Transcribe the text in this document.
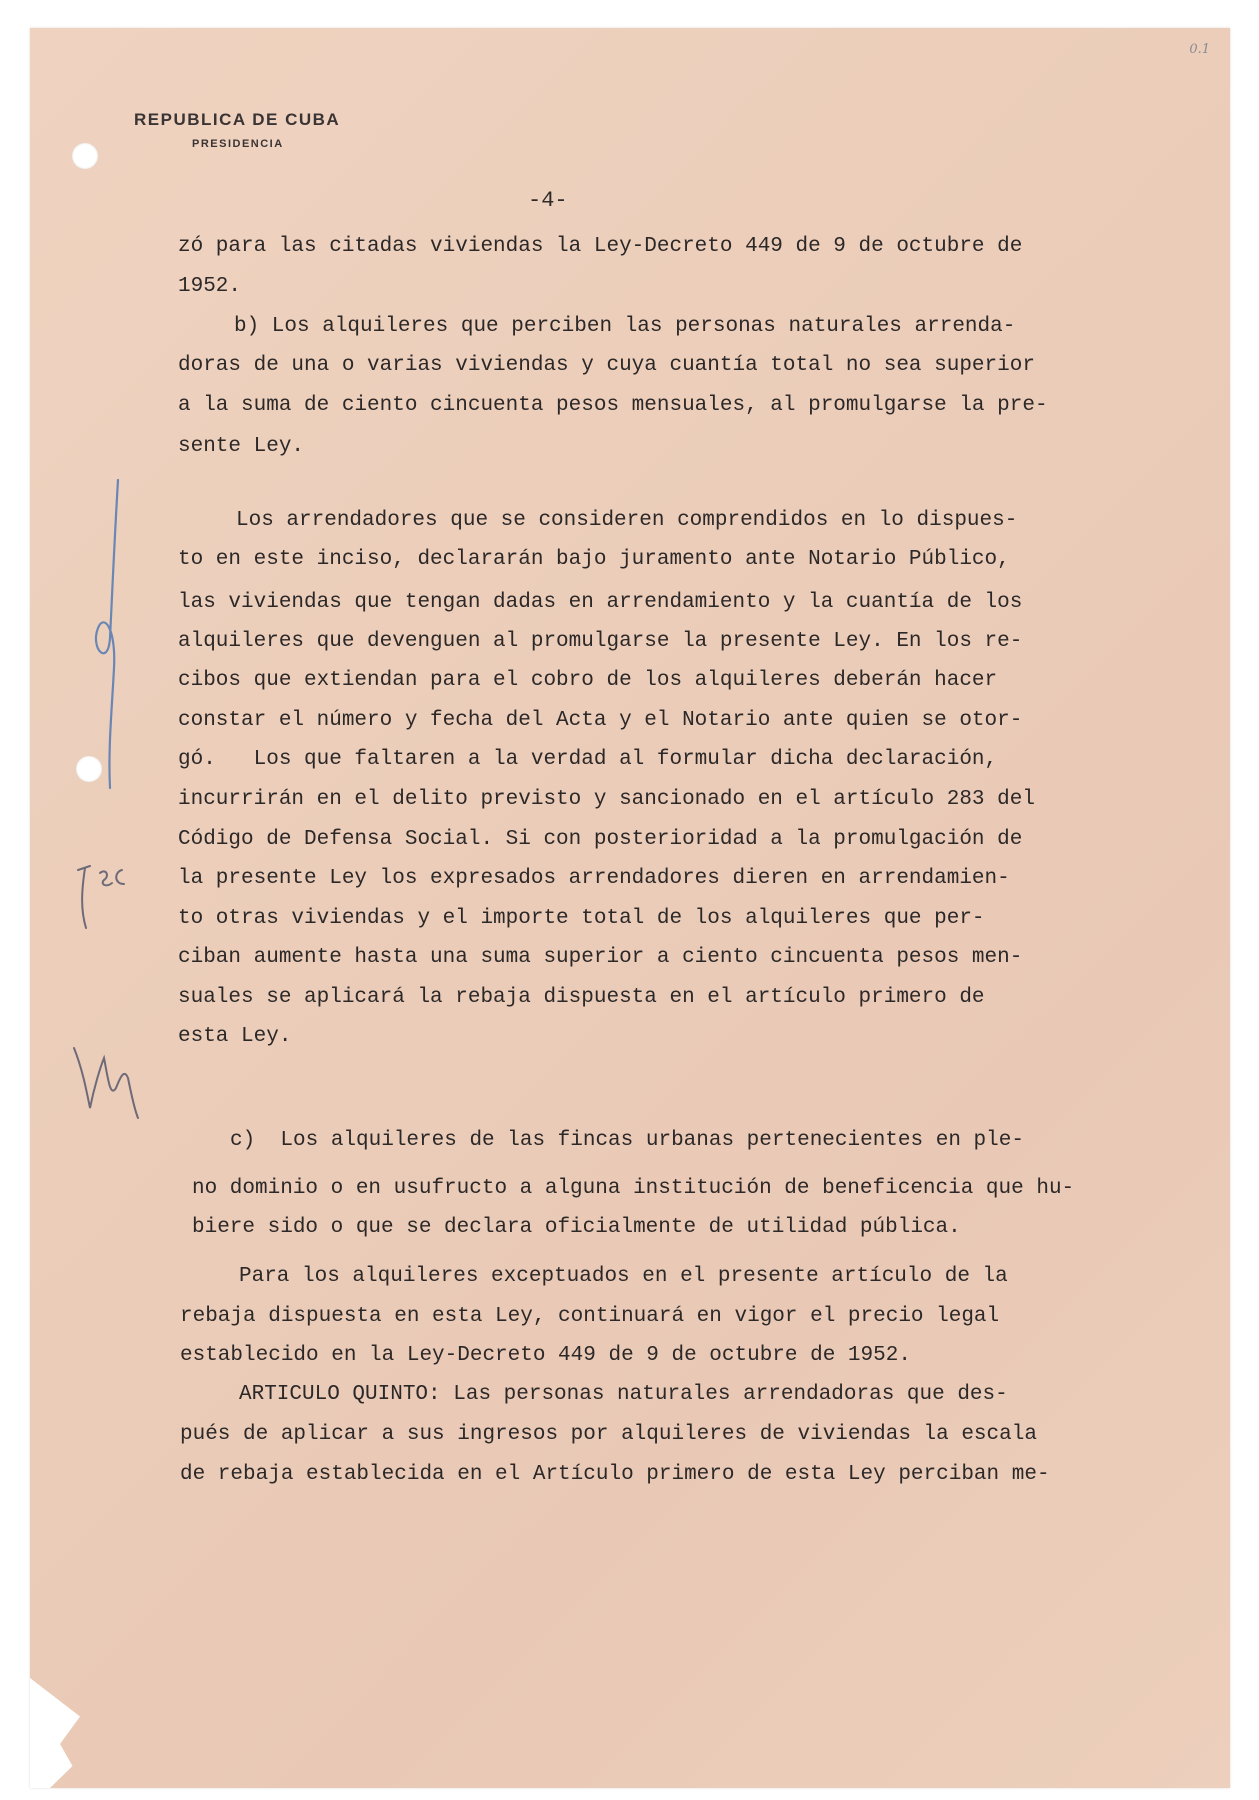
0.1
REPUBLICA DE CUBA
PRESIDENCIA
-4-
zó para las citadas viviendas la Ley-Decreto 449 de 9 de octubre de
1952.
b) Los alquileres que perciben las personas naturales arrenda-
doras de una o varias viviendas y cuya cuantía total no sea superior
a la suma de ciento cincuenta pesos mensuales, al promulgarse la pre-
sente Ley.
Los arrendadores que se consideren comprendidos en lo dispues-
to en este inciso, declararán bajo juramento ante Notario Público,
las viviendas que tengan dadas en arrendamiento y la cuantía de los
alquileres que devenguen al promulgarse la presente Ley. En los re-
cibos que extiendan para el cobro de los alquileres deberán hacer
constar el número y fecha del Acta y el Notario ante quien se otor-
gó.   Los que faltaren a la verdad al formular dicha declaración,
incurrirán en el delito previsto y sancionado en el artículo 283 del
Código de Defensa Social. Si con posterioridad a la promulgación de
la presente Ley los expresados arrendadores dieren en arrendamien-
to otras viviendas y el importe total de los alquileres que per-
ciban aumente hasta una suma superior a ciento cincuenta pesos men-
suales se aplicará la rebaja dispuesta en el artículo primero de
esta Ley.
c)  Los alquileres de las fincas urbanas pertenecientes en ple-
no dominio o en usufructo a alguna institución de beneficencia que hu-
biere sido o que se declara oficialmente de utilidad pública.
Para los alquileres exceptuados en el presente artículo de la
rebaja dispuesta en esta Ley, continuará en vigor el precio legal
establecido en la Ley-Decreto 449 de 9 de octubre de 1952.
ARTICULO QUINTO: Las personas naturales arrendadoras que des-
pués de aplicar a sus ingresos por alquileres de viviendas la escala
de rebaja establecida en el Artículo primero de esta Ley perciban me-
